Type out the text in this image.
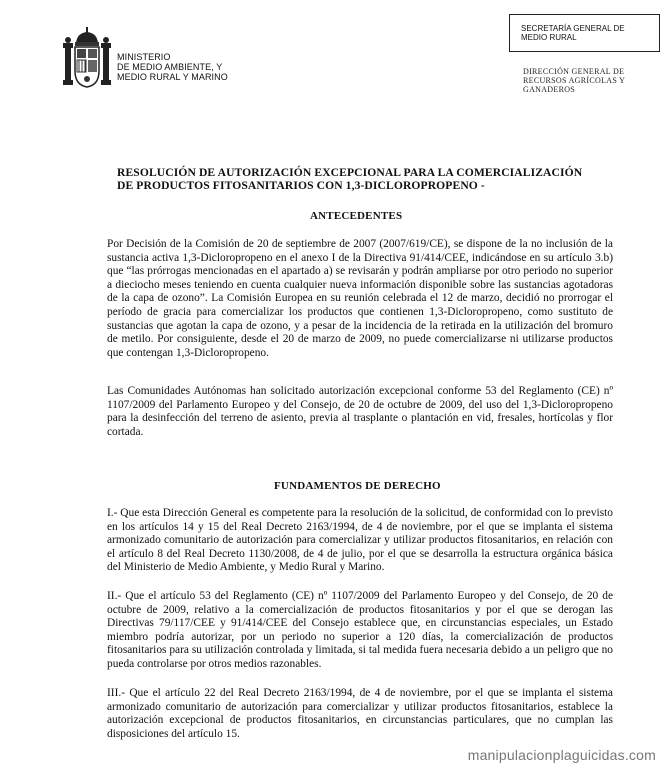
MINISTERIO
DE MEDIO AMBIENTE, Y
MEDIO RURAL Y MARINO
SECRETARÍA GENERAL DE
MEDIO RURAL
DIRECCIÓN GENERAL DE
RECURSOS AGRÍCOLAS Y
GANADEROS
RESOLUCIÓN DE AUTORIZACIÓN EXCEPCIONAL PARA LA COMERCIALIZACIÓN
DE PRODUCTOS FITOSANITARIOS CON 1,3-DICLOROPROPENO -
ANTECEDENTES
Por Decisión de la Comisión de 20 de septiembre de 2007 (2007/619/CE), se dispone de la no inclusión de la sustancia activa 1,3-Dicloropropeno en el anexo I de la Directiva 91/414/CEE, indicándose en su artículo 3.b) que “las prórrogas mencionadas en el apartado a) se revisarán y podrán ampliarse por otro periodo no superior a dieciocho meses teniendo en cuenta cualquier nueva información disponible sobre las sustancias agotadoras de la capa de ozono”. La Comisión Europea en su reunión celebrada el 12 de marzo, decidió no prorrogar el período de gracia para comercializar los productos que contienen 1,3-Dicloropropeno, como sustituto de sustancias que agotan la capa de ozono, y a pesar de la incidencia de la retirada en la utilización del bromuro de metilo. Por consiguiente, desde el 20 de marzo de 2009, no puede comercializarse ni utilizarse productos que contengan 1,3-Dicloropropeno.
Las Comunidades Autónomas han solicitado autorización excepcional conforme 53 del Reglamento (CE) nº 1107/2009 del Parlamento Europeo y del Consejo, de 20 de octubre de 2009, del uso del 1,3-Dicloropropeno para la desinfección del terreno de asiento, previa al trasplante o plantación en vid, fresales, hortícolas y flor cortada.
FUNDAMENTOS DE DERECHO
I.- Que esta Dirección General es competente para la resolución de la solicitud, de conformidad con lo previsto en los artículos 14 y 15 del Real Decreto 2163/1994, de 4 de noviembre, por el que se implanta el sistema armonizado comunitario de autorización para comercializar y utilizar productos fitosanitarios, en relación con el artículo 8 del Real Decreto 1130/2008, de 4 de julio, por el que se desarrolla la estructura orgánica básica del Ministerio de Medio Ambiente, y Medio Rural y Marino.
II.- Que el artículo 53 del Reglamento (CE) nº 1107/2009 del Parlamento Europeo y del Consejo, de 20 de octubre de 2009, relativo a la comercialización de productos fitosanitarios y por el que se derogan las Directivas 79/117/CEE y 91/414/CEE del Consejo establece que, en circunstancias especiales, un Estado miembro podría autorizar, por un periodo no superior a 120 días, la comercialización de productos fitosanitarios para su utilización controlada y limitada, si tal medida fuera necesaria debido a un peligro que no pueda controlarse por otros medios razonables.
III.- Que el artículo 22 del Real Decreto 2163/1994, de 4 de noviembre, por el que se implanta el sistema armonizado comunitario de autorización para comercializar y utilizar productos fitosanitarios, establece la autorización excepcional de productos fitosanitarios, en circunstancias particulares, que no cumplan las disposiciones del artículo 15.
manipulacionplaguicidas.com
